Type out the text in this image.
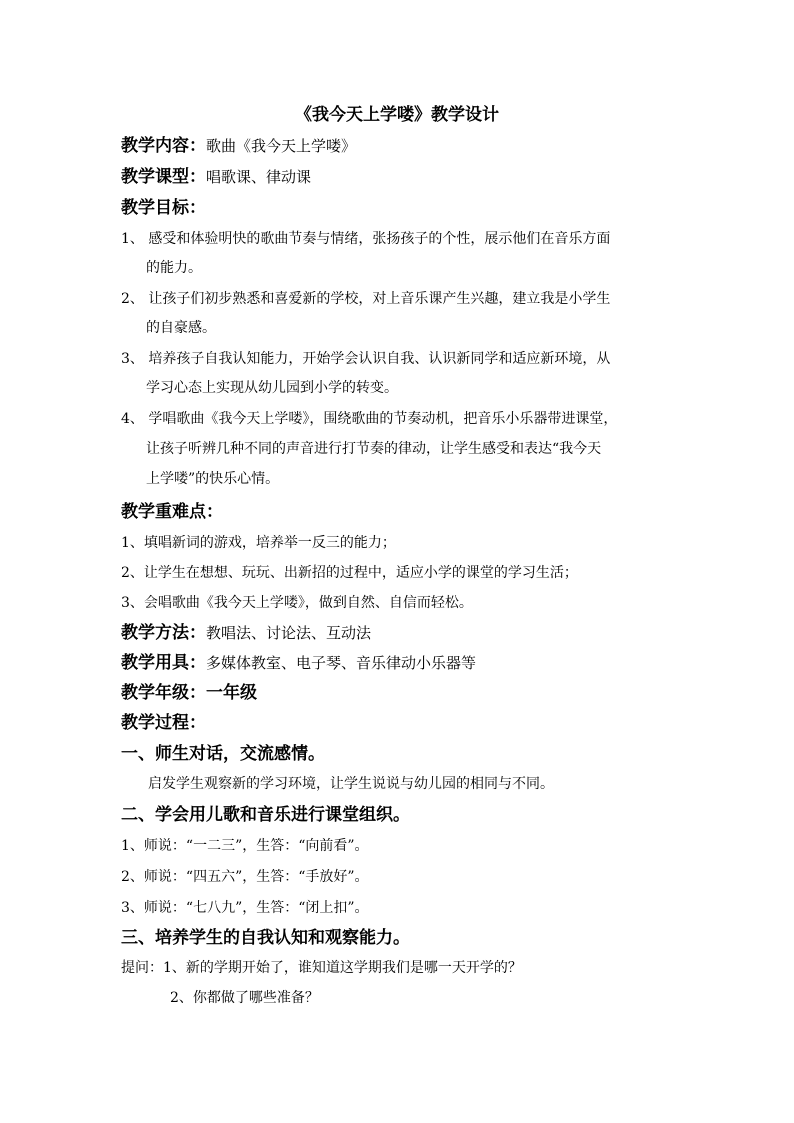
《我今天上学喽》教学设计
教学内容：歌曲《我今天上学喽》
教学课型：唱歌课、律动课
教学目标：
1、 感受和体验明快的歌曲节奏与情绪，张扬孩子的个性，展示他们在音乐方面
的能力。
2、 让孩子们初步熟悉和喜爱新的学校，对上音乐课产生兴趣，建立我是小学生
的自豪感。
3、 培养孩子自我认知能力，开始学会认识自我、认识新同学和适应新环境，从
学习心态上实现从幼儿园到小学的转变。
4、 学唱歌曲《我今天上学喽》，围绕歌曲的节奏动机，把音乐小乐器带进课堂，
让孩子听辨几种不同的声音进行打节奏的律动，让学生感受和表达“我今天
上学喽”的快乐心情。
教学重难点：
1、填唱新词的游戏，培养举一反三的能力；
2、让学生在想想、玩玩、出新招的过程中，适应小学的课堂的学习生活；
3、会唱歌曲《我今天上学喽》，做到自然、自信而轻松。
教学方法：教唱法、讨论法、互动法
教学用具：多媒体教室、电子琴、音乐律动小乐器等
教学年级：一年级
教学过程：
一、师生对话，交流感情。
启发学生观察新的学习环境，让学生说说与幼儿园的相同与不同。
二、学会用儿歌和音乐进行课堂组织。
1、师说：“一二三”，生答：“向前看”。
2、师说：“四五六”，生答：“手放好”。
3、师说：“七八九”，生答：“闭上扣”。
三、培养学生的自我认知和观察能力。
提问：1、新的学期开始了，谁知道这学期我们是哪一天开学的？
2、你都做了哪些准备？
